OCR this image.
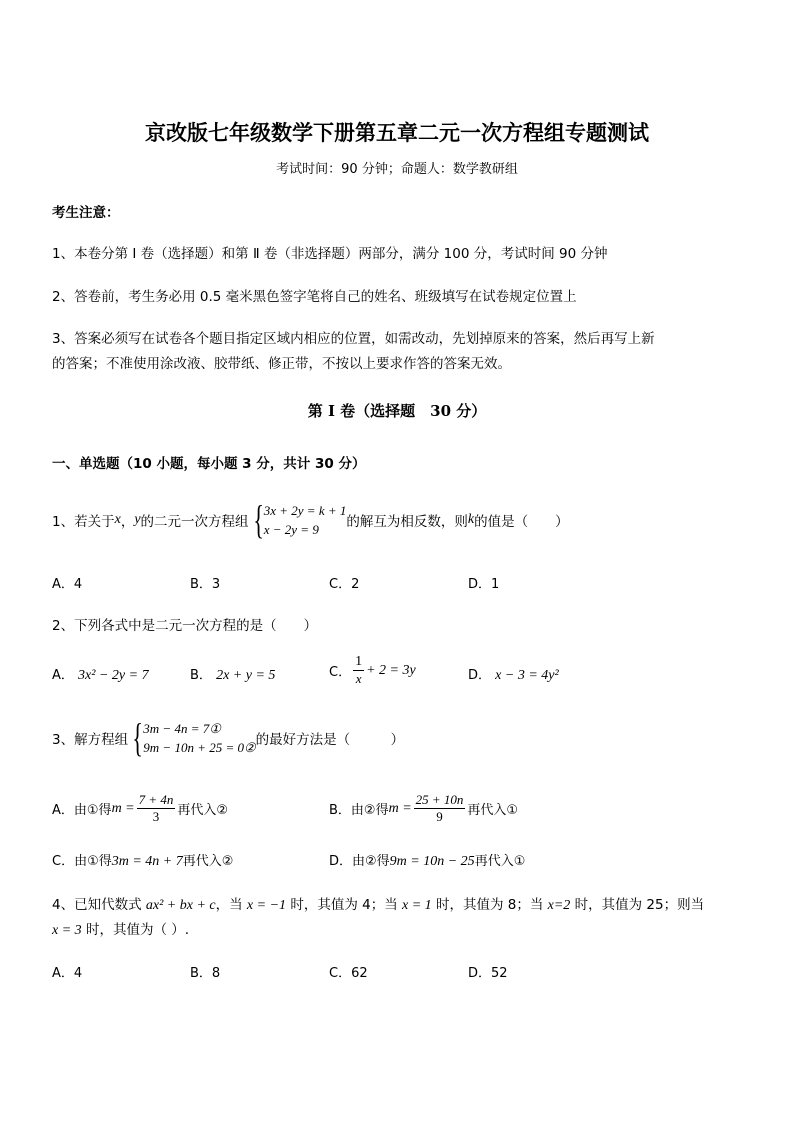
京改版七年级数学下册第五章二元一次方程组专题测试
考试时间：90 分钟；命题人：数学教研组
考生注意：
1、本卷分第 Ⅰ 卷（选择题）和第 Ⅱ 卷（非选择题）两部分，满分 100 分，考试时间 90 分钟
2、答卷前，考生务必用 0.5 毫米黑色签字笔将自己的姓名、班级填写在试卷规定位置上
3、答案必须写在试卷各个题目指定区域内相应的位置，如需改动，先划掉原来的答案，然后再写上新
的答案；不准使用涂改液、胶带纸、修正带，不按以上要求作答的答案无效。
第 Ⅰ 卷（选择题　30 分）
一、单选题（10 小题，每小题 3 分，共计 30 分）
1、若关于 x ， y 的二元一次方程组 { 3x + 2y = k + 1
x − 2y = 9	的解互为相反数，则 k 的值是（　　）
A．4	B．3	C．2	D．1
2、下列各式中是二元一次方程的是（　　）
A． 3x² − 2y = 7	B． 2x + y = 5	C． $\frac{1}{x} + 2 = 3y$	D． x − 3 = 4y²
3、解方程组 { 3m − 4n = 7①
9m − 10n + 25 = 0② 的最好方法是（　　　）
A．由①得 $m = \frac{7 + 4n}{3}$ 再代入②	B．由②得 $m = \frac{25 + 10n}{9}$ 再代入①
C．由①得3m = 4n + 7再代入②	D．由②得9m = 10n − 25再代入①
4、已知代数式 ax² + bx + c，当 x = −1 时，其值为 4；当 x = 1 时，其值为 8；当 x=2 时，其值为 25；则当
x = 3 时，其值为（ ）.
A．4	B．8	C．62	D．52
